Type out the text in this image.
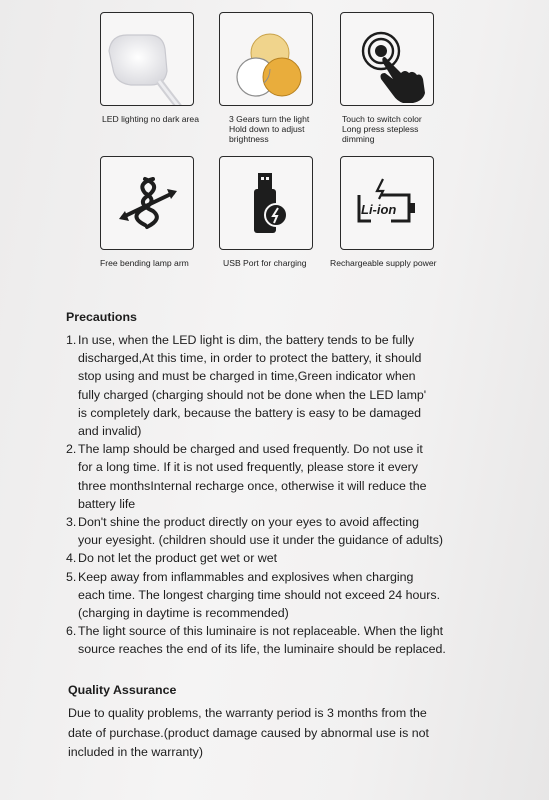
LED lighting no dark area	3 Gears turn the light
Hold down to adjust
brightness
Touch to switch color
Long press stepless
dimming
Free bending lamp arm	USB Port for charging
Li-ion
Rechargeable supply power
Precautions
1. In use, when the LED light is dim, the battery tends to be fully
discharged,At this time, in order to protect the battery, it should
stop using and must be charged in time,Green indicator when
fully charged (charging should not be done when the LED lamp'
is completely dark, because the battery is easy to be damaged
and invalid)
2. The lamp should be charged and used frequently. Do not use it
for a long time. If it is not used frequently, please store it every
three monthsInternal recharge once, otherwise it will reduce the
battery life
3. Don't shine the product directly on your eyes to avoid affecting
your eyesight. (children should use it under the guidance of adults)
4. Do not let the product get wet or wet
5. Keep away from inflammables and explosives when charging
each time. The longest charging time should not exceed 24 hours.
(charging in daytime is recommended)
6. The light source of this luminaire is not replaceable. When the light
source reaches the end of its life, the luminaire should be replaced.
Quality Assurance
Due to quality problems, the warranty period is 3 months from the
date of purchase.(product damage caused by abnormal use is not
included in the warranty)
